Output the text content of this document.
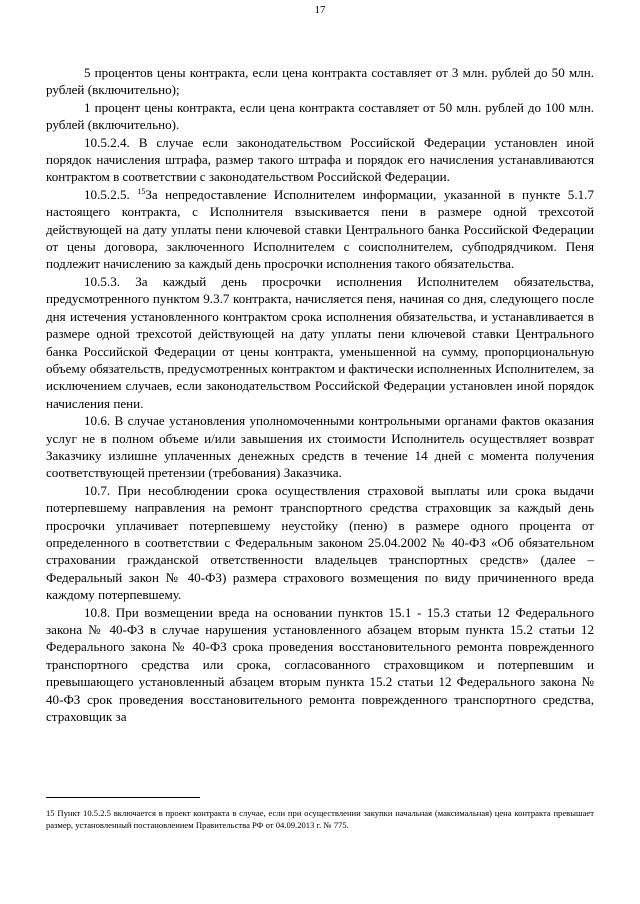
17

5 процентов цены контракта, если цена контракта составляет от 3 млн. рублей до 50 млн. рублей (включительно);

1 процент цены контракта, если цена контракта составляет от 50 млн. рублей до 100 млн. рублей (включительно).

10.5.2.4. В случае если законодательством Российской Федерации установлен иной порядок начисления штрафа, размер такого штрафа и порядок его начисления устанавливаются контрактом в соответствии с законодательством Российской Федерации.

10.5.2.5. $^{15}$За непредоставление Исполнителем информации, указанной в пункте 5.1.7 настоящего контракта, с Исполнителя взыскивается пени в размере одной трехсотой действующей на дату уплаты пени ключевой ставки Центрального банка Российской Федерации от цены договора, заключенного Исполнителем с соисполнителем, субподрядчиком. Пеня подлежит начислению за каждый день просрочки исполнения такого обязательства.

10.5.3. За каждый день просрочки исполнения Исполнителем обязательства, предусмотренного пунктом 9.3.7 контракта, начисляется пеня, начиная со дня, следующего после дня истечения установленного контрактом срока исполнения обязательства, и устанавливается в размере одной трехсотой действующей на дату уплаты пени ключевой ставки Центрального банка Российской Федерации от цены контракта, уменьшенной на сумму, пропорциональную объему обязательств, предусмотренных контрактом и фактически исполненных Исполнителем, за исключением случаев, если законодательством Российской Федерации установлен иной порядок начисления пени.

10.6. В случае установления уполномоченными контрольными органами фактов оказания услуг не в полном объеме и/или завышения их стоимости Исполнитель осуществляет возврат Заказчику излишне уплаченных денежных средств в течение 14 дней с момента получения соответствующей претензии (требования) Заказчика.

10.7. При несоблюдении срока осуществления страховой выплаты или срока выдачи потерпевшему направления на ремонт транспортного средства страховщик за каждый день просрочки уплачивает потерпевшему неустойку (пеню) в размере одного процента от определенного в соответствии с Федеральным законом 25.04.2002 № 40-ФЗ «Об обязательном страховании гражданской ответственности владельцев транспортных средств» (далее – Федеральный закон № 40-ФЗ) размера страхового возмещения по виду причиненного вреда каждому потерпевшему.

10.8. При возмещении вреда на основании пунктов 15.1 - 15.3 статьи 12 Федерального закона № 40-ФЗ в случае нарушения установленного абзацем вторым пункта 15.2 статьи 12 Федерального закона № 40-ФЗ срока проведения восстановительного ремонта поврежденного транспортного средства или срока, согласованного страховщиком и потерпевшим и превышающего установленный абзацем вторым пункта 15.2 статьи 12 Федерального закона № 40-ФЗ срок проведения восстановительного ремонта поврежденного транспортного средства, страховщик за

15 Пункт 10.5.2.5 включается в проект контракта в случае, если при осуществлении закупки начальная (максимальная) цена контракта превышает размер, установленный постановлением Правительства РФ от 04.09.2013 г. № 775.
